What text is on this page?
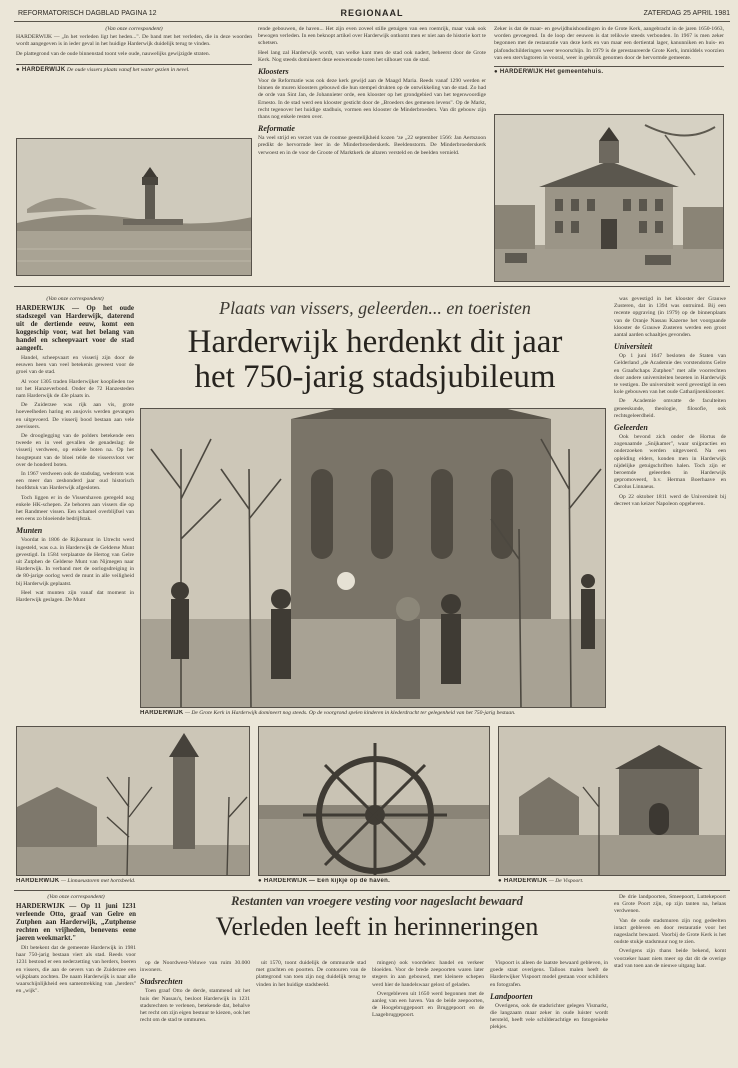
REFORMATORISCH DAGBLAD PAGINA 12	REGIONAAL	ZATERDAG 25 APRIL 1981
(Van onze correspondent)
HARDERWIJK — „In het verleden ligt het heden...". De band met het verleden, die in deze woorden wordt aangegeven is in ieder geval in het huidige Harderwijk duidelijk terug te vinden.
De plattegrond van de oude binnenstad toont vele oude, nauwelijks gewijzigde straten.
● HARDERWIJK De oude vissers plaats vanaf het water gezien in nevel.
rende gebouwen, de haven... Het zijn even zoveel stille getuigen van een roemrijk, maar vaak ook bewogen verleden. In een beknopt artikel over Harderwijk ontkomt men er niet aan de historie kort te schetsen.
Heel lang zal Harderwijk wordt, van welke kant men de stad ook nadert, beheerst door de Grote Kerk. Nog steeds domineert deze eeuwenoude toren het silhouet van de stad.
Kloosters
Voor de Reformatie was ook deze kerk gewijd aan de Maagd Maria. Reeds vanaf 1290 werden er binnen de muren kloosters gebouwd die hun stempel drukten op de ontwikkeling van de stad. Zo had de orde van Sint Jan, de Johannieter orde, een klooster op het grondgebied van het tegenwoordige Ernesto. In de stad werd een klooster gesticht door de „Broeders des gemenen levens". Op de Markt, recht tegenover het huidige stadhuis, vormen een klooster de Minderbroeders. Van dit gebouw zijn thans nog enkele resten over.
Reformatie
Na veel strijd en verzet van de roomse geestelijkheid kozen ‘ze „22 september 1566: Jan Aertszoon predikt de hervormde leer in de Minderbroederskerk. Beeldenstorm. De Minderbroederskerk verwoest en in de voor de Groote of Marktkerk de altaren versteld en de beelden vernield.
Zeker is dat de maar- en gewijdhuishoudingen in de Grote Kerk, aangebracht in de jaren 1650-1663, worden gevoegend. In de loop der eeuwen is dat relikwie steeds verbonden. In 1967 is men zeker begonnen met de restauratie van deze kerk en van maar een dertiental lager, kanunniken en huis- en plafondschilderingen weer tevoorschijn. In 1979 is de gerestaureerde Grote Kerk, inmiddels voorzien van een stervlagtoren in vooral, weer in gebruik genomen door de hervormde gemeente.
● HARDERWIJK Het gemeentehuis.
(Van onze correspondent)
HARDERWIJK — Op het oude stadszegel van Harderwijk, daterend uit de dertiende eeuw, komt een koggeschip voor, wat het belang van handel en scheepvaart voor de stad aangeeft.

Handel, scheepvaart en visserij zijn door de eeuwen heen van veel betekenis geweest voor de groei van de stad.

Al voor 1305 traden Harderwijker kooplieden toe tot het Hanzeverbond. Onder de 72 Hanzesteden nam Harderwijk de 43e plaats in.

De Zuiderzee was rijk aan vis, grote hoeveelheden haring en ansjovis werden gevangen en uitgevoerd. De visserij bood bestaan aan vele zeevissers.

De drooglegging van de polders betekende een tweede en in veel gevallen de genadeslag: de visserij verdween, op enkele boten na. Op het hoogtepunt van de bloei telde de vissersvloot ver over de honderd boten.

In 1967 verdween ook de stadsdag, wederom was een meer dan zeshonderd jaar oud historisch hoofdstuk van Harderwijk afgesloten.

Toch liggen er in de Vissershaven geregeld nog enkele HK-schepen. Ze behoren aan vissers die op het Randmeer vissen. Een schamel overblijfsel van een eens zo bloeiende bedrijfstak.

Munten

Voordat in 1806 de Rijksmunt in Utrecht werd ingesteld, was o.a. in Harderwijk de Gelderse Munt gevestigd. In 1584 verplaatste de Hertog van Gelre uit Zutphen de Gelderse Munt van Nijmegen naar Harderwijk. In verband met de oorlogsdreiging in de 80-jarige oorlog werd de munt in alle veiligheid bij Harderwijk geplaatst.

Heel wat munten zijn vanaf dat moment in Harderwijk geslagen. De Munt

Plaats van vissers, geleerden... en toeristen
Harderwijk herdenkt dit jaar
het 750-jarig stadsjubileum
HARDERWIJK — De Grote Kerk in Harderwijk domineert nog steeds. Op de voorgrond spelen kinderen in klederdracht ter gelegenheid van het 750-jarig bestaan.

was gevestigd in het klooster der Grauwe Zusteren, dat in 1394 was ontruimd. Bij een recente opgraving (in 1979) op de binnenplaats van de Oranje Nassau Kazerne het voorgaande klooster de Grauwe Zusteren werden een groot aantal aarden schaaltjes gevonden.

Universiteit

Op 1 juni 1647 besloten de Staten van Gelderland „de Academie des vorstendoms Gelre en Graafschaps Zutphen" met alle voorrechten door andere universiteiten bezeten in Harderwijk te vestigen. De universiteit werd gevestigd in een kole gebouwen van het oude Catharijnenklooster.

De Academie omvatte de faculteiten geneeskunde, theologie, filosofie, ook rechtsgeleerdheid.

Geleerden

Ook bevond zich onder de Hortus de zogenaamde „Snijkamer", waar snijpracties en onderzoeken werden uitgevoerd. Na een opleiding elders, konden men in Harderwijk nijdelijke getuigschriften halen. Toch zijn er beroemde geleerden in Harderwijk gepromoveerd, b.v. Herman Boerhaave en Carolus Linnaeus.

Op 22 oktober 1811 werd de Universiteit bij decreet van keizer Napoleon opgeheven.

HARDERWIJK — Linnaeustoren met hortsbeeld.	● HARDERWIJK — Een kijkje op de haven.	● HARDERWIJK — De Vispoort.
(Van onze correspondent)
HARDERWIJK — Op 11 juni 1231 verleende Otto, graaf van Gelre en Zutphen aan Harderwijk, „Zutphense rechten en vrijheden, benevens eene jaeren weekmarkt."

Dit betekent dat de gemeente Harderwijk in 1981 haar 750-jarig bestaan viert als stad. Reeds voor 1231 bestond er een nederzetting van herders, boeren en vissers, die aan de oevers van de Zuiderzee een wijkplaats zochten. De naam Harderwijk is naar alle waarschijnlijkheid een samentrekking van „herders" en „wijk".

Restanten van vroegere vesting voor nageslacht bewaard
Verleden leeft in herinneringen

op de Noordwest-Veluwe van ruim 30.000 inwoners.

Stadsrechten

Toen graaf Otto de derde, stammend uit het huis der Nassau's, besloot Harderwijk in 1231 stadsrechten te verlenen, betekende dat, behalve het recht om zijn eigen bestuur te kiezen, ook het recht om de stad te ommuren.

uit 1570, toont duidelijk de ommuurde stad met grachten en poorten. De contouren van de plattegrond van toen zijn nog duidelijk terug te vinden in het huidige stadsbeeld.

mingen) ook voordelen: handel en verkeer bloeiden. Voor de brede zeepoorten waren later stegers in aan gebouwd, met kleinere schepen werd hier de handelswaar gelost of geladen.

Overgebleven uit 1650 werd begonnen met de aanleg van een haven. Van de beide zeepoorten, de Hoogebruggepoort en Bruggepoort en de Laagebruggepoort.

Vispoort is alleen de laatste bewaard gebleven, in goede staat overigens. Talloos malen heeft de Harderwijker Vispoort model gestaan voor schilders en fotografen.

Landpoorten

Overigens, ook de stadsrichter gelegen Vismarkt, die langzaam maar zeker in oude luister wordt hersteld, heeft vele schilderachtige en fotogenieke plekjes.

De drie landpoorten, Smeepoort, Luttekepoort en Grote Poort zijn, op zijn tanten na, helaas verdwenen.

Van de oude stadsmuren zijn nog gedeelten intact gebleven en door restauratie voor het nageslacht bewaard. Voorbij de Grote Kerk is het oudste stukje stadsmuur nog te zien.

Overigens zijn thans beide bekend, komt voorzeker haast niets meer op dat dit de overige stad van toen aan de nieuwe uitgang laat.
